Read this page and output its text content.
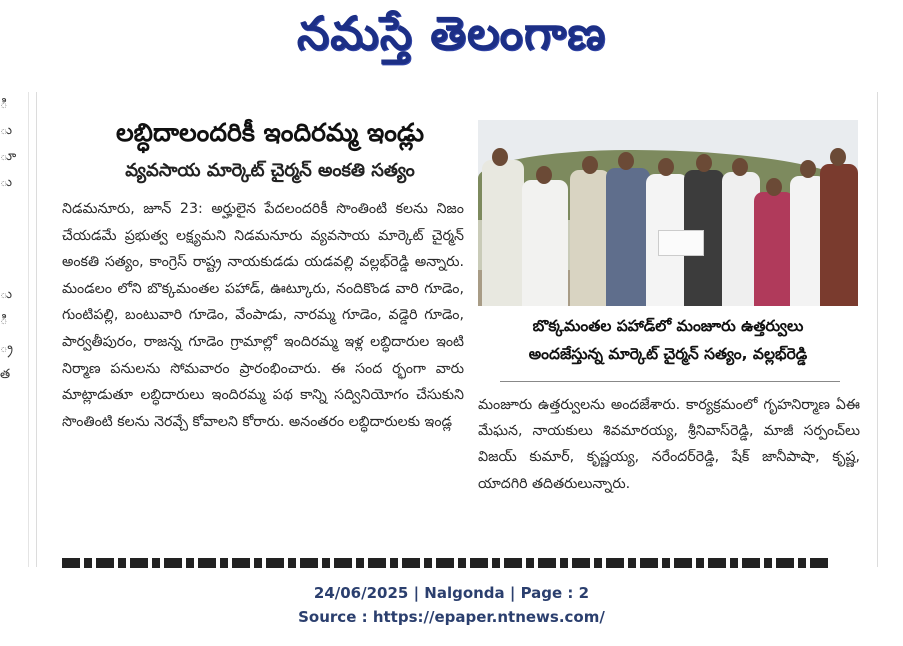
నమస్తే తెలంగాణ
ి
ు
ూ
ు
ు
ి
్ర
త
లబ్ధిదాలందరికీ ఇందిరమ్మ ఇండ్లు
వ్యవసాయ మార్కెట్ చైర్మన్ అంకతి సత్యం
నిడమనూరు, జూన్ 23: అర్హులైన పేదలందరికీ సొంతింటి కలను నిజం చేయడమే ప్రభుత్వ లక్ష్యమని నిడమనూరు వ్యవసాయ మార్కెట్ చైర్మన్ అంకతి సత్యం, కాంగ్రెస్ రాష్ట్ర నాయకుడడు యడవల్లి వల్లభ్‌రెడ్డి అన్నారు. మండలం లోని బొక్కమంతల పహాడ్, ఊట్కూరు, నందికొండ వారి గూడెం, గుంటిపల్లి, బంటువారి గూడెం, వేంపాడు, నారమ్మ గూడెం, వడ్డెరి గూడెం, పార్వతీపురం, రాజన్న గూడెం గ్రామాల్లో ఇందిరమ్మ ఇళ్ల లబ్ధిదారుల ఇంటి నిర్మాణ పనులను సోమవారం ప్రారంభించారు. ఈ సంద ర్భంగా వారు మాట్లాడుతూ లబ్ధిదారులు ఇందిరమ్మ పథ కాన్ని సద్వినియోగం చేసుకుని సొంతింటి కలను నెరవ్చే కోవాలని కోరారు. అనంతరం లబ్ధిదారులకు ఇండ్ల
బొక్కమంతల పహాడ్‌లో మంజూరు ఉత్తర్వులు
అందజేస్తున్న మార్కెట్ చైర్మన్ సత్యం, వల్లభ్‌రెడ్డి
మంజూరు ఉత్తర్వులను అందజేశారు. కార్యక్రమంలో గృహనిర్మాణ ఏఈ మేఘన, నాయకులు శివమారయ్య, శ్రీనివాస్‌రెడ్డి, మాజీ సర్పంచ్‌లు విజయ్ కుమార్, కృష్ణయ్య, నరేందర్‌రెడ్డి, షేక్ జానీపాషా, కృష్ణ, యాదగిరి తదితరులున్నారు.
24/06/2025 | Nalgonda | Page : 2
Source : https://epaper.ntnews.com/
